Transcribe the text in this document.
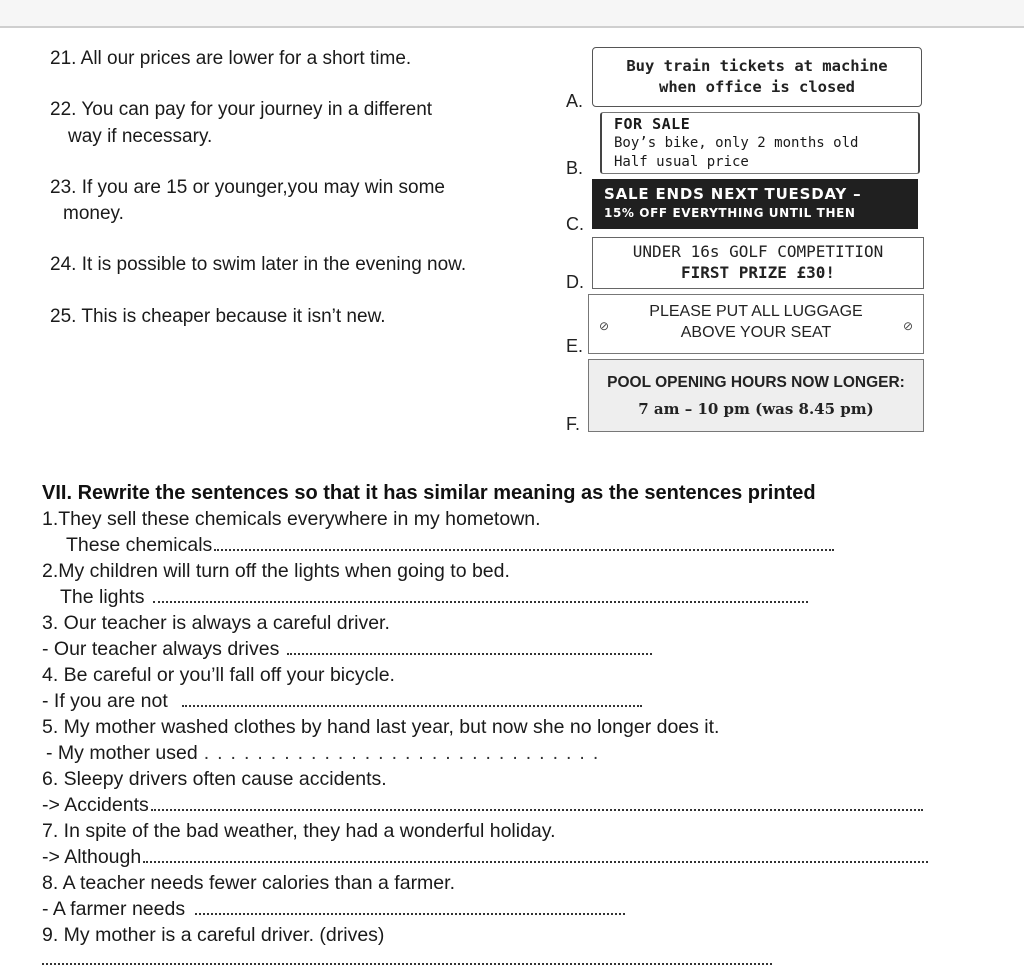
21. All our prices are lower for a short time.
22. You can pay for your journey in a different
way if necessary.
23. If you are 15 or younger,you may win some
money.
24. It is possible to swim later in the evening now.
25. This is cheaper because it isn’t new.
A.
B.
C.
D.
E.
F.
Buy train tickets at machine
when office is closed
FOR SALE
Boy’s bike, only 2 months old
Half usual price
SALE ENDS NEXT TUESDAY –
15% OFF EVERYTHING UNTIL THEN
UNDER 16s GOLF COMPETITION
FIRST PRIZE £30!
PLEASE PUT ALL LUGGAGE
ABOVE YOUR SEAT
⊘	⊘
POOL OPENING HOURS NOW LONGER:
7 am – 10 pm (was 8.45 pm)
VII. Rewrite the sentences so that it has similar meaning as the sentences printed
1.They sell these chemicals everywhere in my hometown.
These chemicals
2.My children will turn off the lights when going to bed.
The lights
3. Our teacher is always a careful driver.
- Our teacher always drives
4. Be careful or you’ll fall off your bicycle.
- If you are not
5. My mother washed clothes by hand last year, but now she no longer does it.
- My mother used ..............................
6. Sleepy drivers often cause accidents.
-> Accidents
7. In spite of the bad weather, they had a wonderful holiday.
-> Although
8. A teacher needs fewer calories than a farmer.
- A farmer needs
9. My mother is a careful driver. (drives)
